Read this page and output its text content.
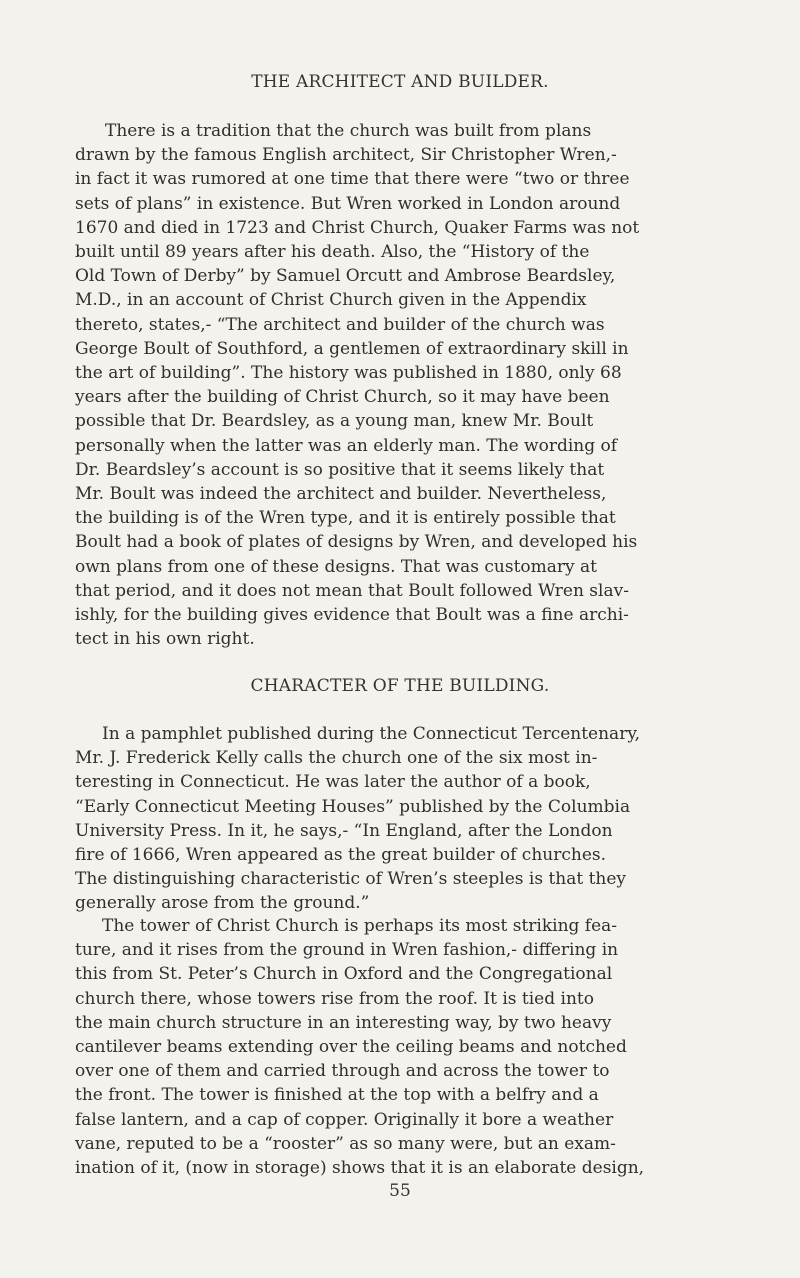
THE ARCHITECT AND BUILDER.
There is a tradition that the church was built from plans
drawn by the famous English architect, Sir Christopher Wren,-
in fact it was rumored at one time that there were “two or three
sets of plans” in existence. But Wren worked in London around
1670 and died in 1723 and Christ Church, Quaker Farms was not
built until 89 years after his death. Also, the “History of the
Old Town of Derby” by Samuel Orcutt and Ambrose Beardsley,
M.D., in an account of Christ Church given in the Appendix
thereto, states,- “The architect and builder of the church was
George Boult of Southford, a gentlemen of extraordinary skill in
the art of building”. The history was published in 1880, only 68
years after the building of Christ Church, so it may have been
possible that Dr. Beardsley, as a young man, knew Mr. Boult
personally when the latter was an elderly man. The wording of
Dr. Beardsley’s account is so positive that it seems likely that
Mr. Boult was indeed the architect and builder. Nevertheless,
the building is of the Wren type, and it is entirely possible that
Boult had a book of plates of designs by Wren, and developed his
own plans from one of these designs. That was customary at
that period, and it does not mean that Boult followed Wren slav-
ishly, for the building gives evidence that Boult was a fine archi-
tect in his own right.
CHARACTER OF THE BUILDING.
In a pamphlet published during the Connecticut Tercentenary,
Mr. J. Frederick Kelly calls the church one of the six most in-
teresting in Connecticut. He was later the author of a book,
“Early Connecticut Meeting Houses” published by the Columbia
University Press. In it, he says,- “In England, after the London
fire of 1666, Wren appeared as the great builder of churches.
The distinguishing characteristic of Wren’s steeples is that they
generally arose from the ground.”
The tower of Christ Church is perhaps its most striking fea-
ture, and it rises from the ground in Wren fashion,- differing in
this from St. Peter’s Church in Oxford and the Congregational
church there, whose towers rise from the roof. It is tied into
the main church structure in an interesting way, by two heavy
cantilever beams extending over the ceiling beams and notched
over one of them and carried through and across the tower to
the front. The tower is finished at the top with a belfry and a
false lantern, and a cap of copper. Originally it bore a weather
vane, reputed to be a “rooster” as so many were, but an exam-
ination of it, (now in storage) shows that it is an elaborate design,
55
